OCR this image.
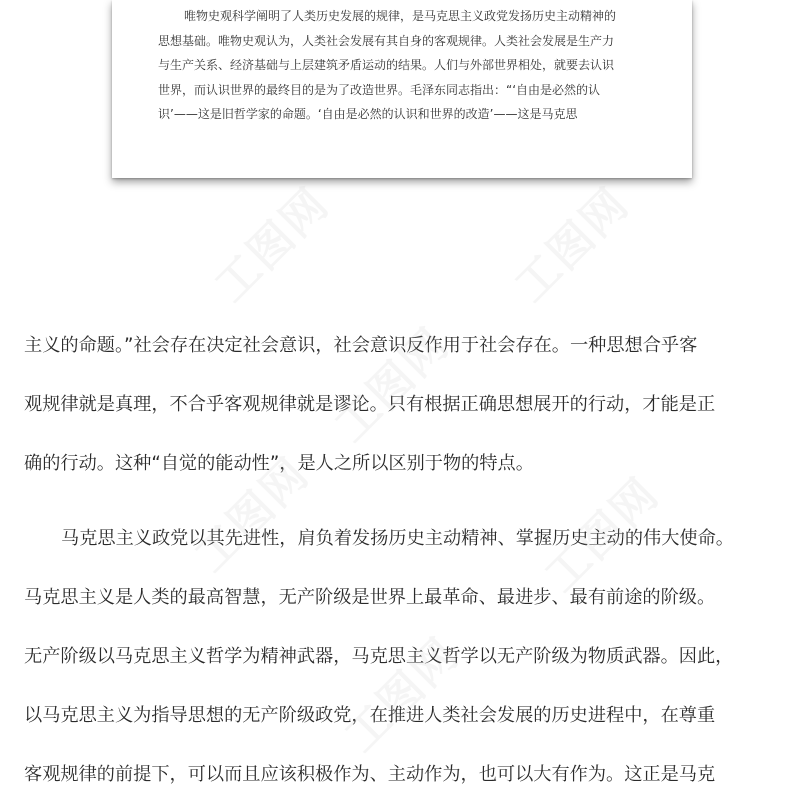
唯物史观科学阐明了人类历史发展的规律，是马克思主义政党发扬历史主动精神的
思想基础。唯物史观认为，人类社会发展有其自身的客观规律。人类社会发展是生产力
与生产关系、经济基础与上层建筑矛盾运动的结果。人们与外部世界相处，就要去认识
世界，而认识世界的最终目的是为了改造世界。毛泽东同志指出：“‘自由是必然的认
识’——这是旧哲学家的命题。‘自由是必然的认识和世界的改造’——这是马克思

主义的命题。”社会存在决定社会意识，社会意识反作用于社会存在。一种思想合乎客
观规律就是真理，不合乎客观规律就是谬论。只有根据正确思想展开的行动，才能是正
确的行动。这种“自觉的能动性”，是人之所以区别于物的特点。

马克思主义政党以其先进性，肩负着发扬历史主动精神、掌握历史主动的伟大使命。
马克思主义是人类的最高智慧，无产阶级是世界上最革命、最进步、最有前途的阶级。
无产阶级以马克思主义哲学为精神武器，马克思主义哲学以无产阶级为物质武器。因此，
以马克思主义为指导思想的无产阶级政党，在推进人类社会发展的历史进程中，在尊重
客观规律的前提下，可以而且应该积极作为、主动作为，也可以大有作为。这正是马克

工图网	工图网
工图网
工图网	工图网
工图网
